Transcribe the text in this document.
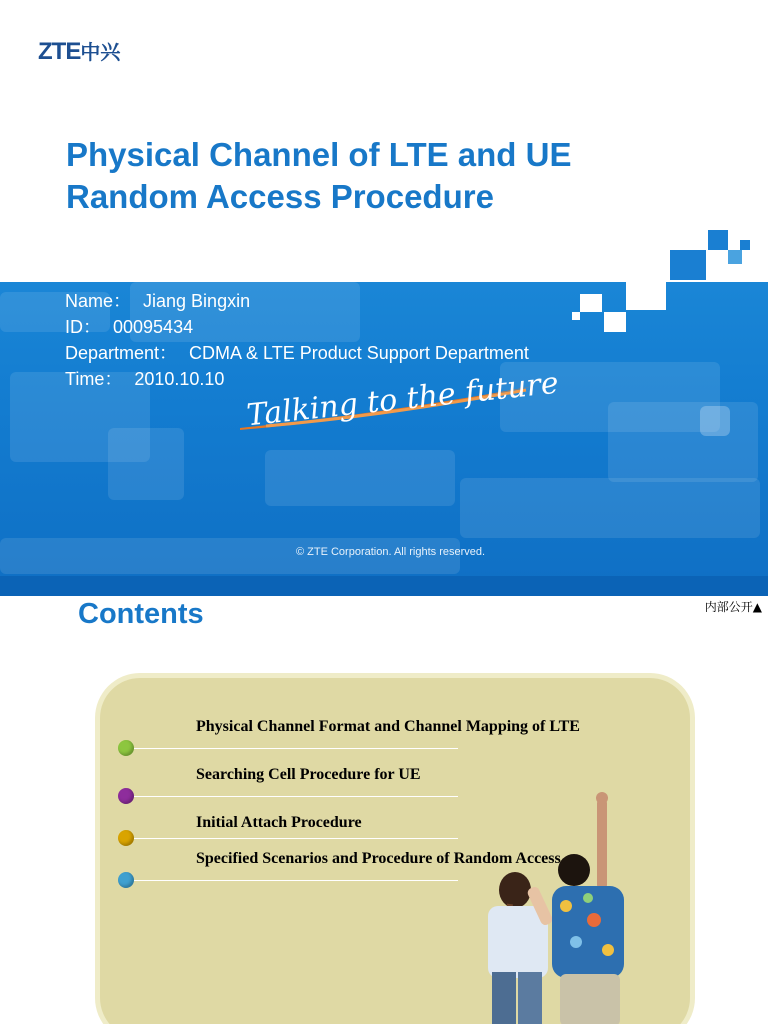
ZTE中兴
Physical Channel of LTE and UE
Random Access Procedure
Name： Jiang Bingxin
ID： 00095434
Department： CDMA & LTE Product Support Department
Time： 2010.10.10 Talking to the future
© ZTE Corporation. All rights reserved.
Contents	内部公开▲
Physical Channel Format and Channel Mapping of LTE
Searching Cell Procedure for UE
Initial Attach Procedure
Specified Scenarios and Procedure of Random Access
